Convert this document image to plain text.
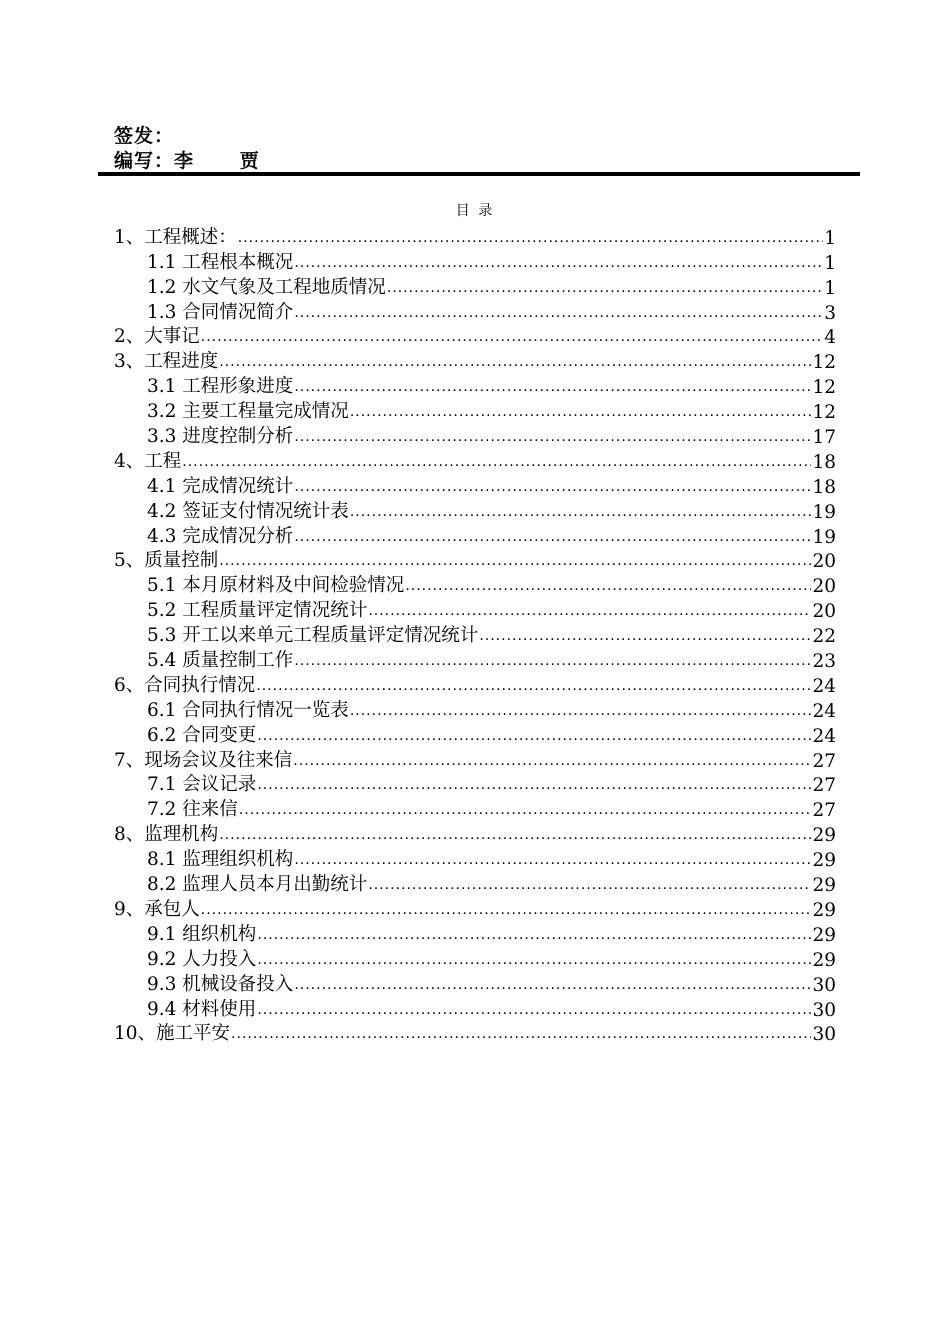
签发：
编写：李      贾
目 录
1、工程概述： .....	1
1.1 工程根本概况 .....	1
1.2 水文气象及工程地质情况 .....	1
1.3 合同情况简介 .....	3
2、大事记 .....	4
3、工程进度 .....	12
3.1 工程形象进度 .....	12
3.2 主要工程量完成情况 .....	12
3.3 进度控制分析 .....	17
4、工程 .....	18
4.1 完成情况统计 .....	18
4.2 签证支付情况统计表 .....	19
4.3 完成情况分析 .....	19
5、质量控制 .....	20
5.1 本月原材料及中间检验情况 .....	20
5.2 工程质量评定情况统计 .....	20
5.3 开工以来单元工程质量评定情况统计 .....	22
5.4 质量控制工作 .....	23
6、合同执行情况 .....	24
6.1 合同执行情况一览表 .....	24
6.2 合同变更 .....	24
7、现场会议及往来信 .....	27
7.1 会议记录 .....	27
7.2 往来信 .....	27
8、监理机构 .....	29
8.1 监理组织机构 .....	29
8.2 监理人员本月出勤统计 .....	29
9、承包人 .....	29
9.1 组织机构 .....	29
9.2 人力投入 .....	29
9.3 机械设备投入 .....	30
9.4 材料使用 .....	30
10、施工平安 .....	30
